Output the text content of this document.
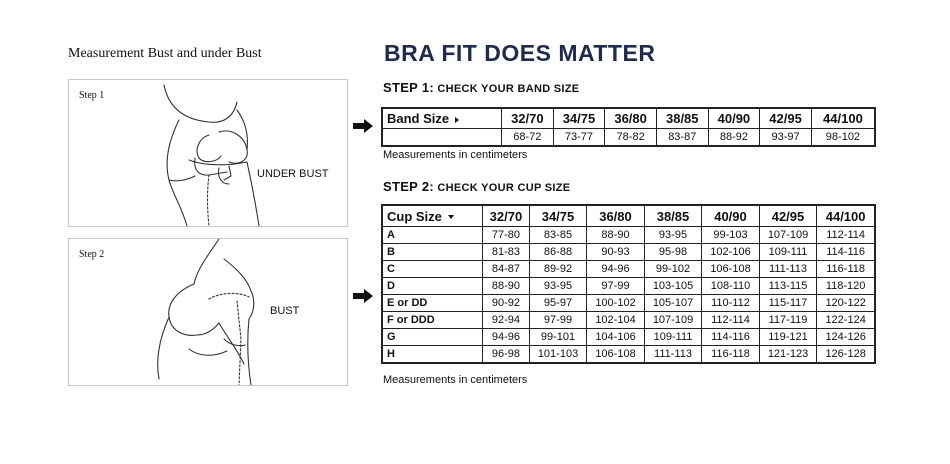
Measurement Bust and under Bust
Step 1
UNDER BUST
Step 2
BUST
BRA FIT DOES MATTER
STEP 1: CHECK YOUR BAND SIZE
Band Size	32/70	34/75	36/80	38/85	40/90	42/95	44/100
	68-72	73-77	78-82	83-87	88-92	93-97	98-102
Measurements in centimeters
STEP 2: CHECK YOUR CUP SIZE
Cup Size	32/70	34/75	36/80	38/85	40/90	42/95	44/100
A	77-80	83-85	88-90	93-95	99-103	107-109	112-114
B	81-83	86-88	90-93	95-98	102-106	109-111	114-116
C	84-87	89-92	94-96	99-102	106-108	111-113	116-118
D	88-90	93-95	97-99	103-105	108-110	113-115	118-120
E or DD	90-92	95-97	100-102	105-107	110-112	115-117	120-122
F or DDD	92-94	97-99	102-104	107-109	112-114	117-119	122-124
G	94-96	99-101	104-106	109-111	114-116	119-121	124-126
H	96-98	101-103	106-108	111-113	116-118	121-123	126-128
Measurements in centimeters
